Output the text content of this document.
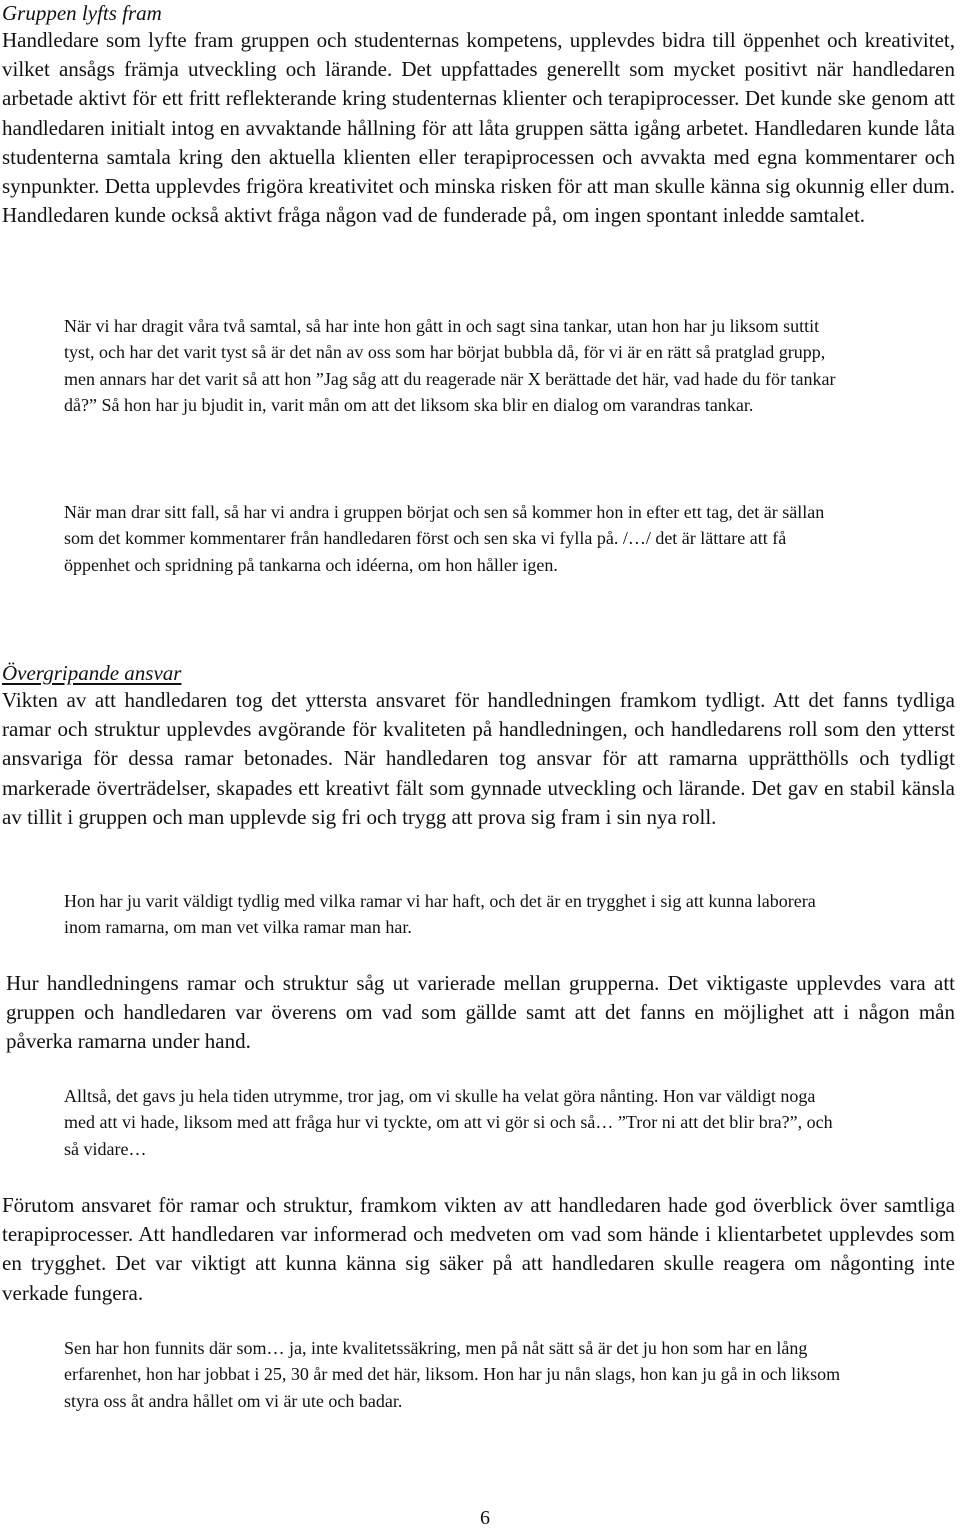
Gruppen lyfts fram

Handledare som lyfte fram gruppen och studenternas kompetens, upplevdes bidra till öppenhet och kreativitet, vilket ansågs främja utveckling och lärande. Det uppfattades generellt som mycket positivt när handledaren arbetade aktivt för ett fritt reflekterande kring studenternas klienter och terapiprocesser. Det kunde ske genom att handledaren initialt intog en avvaktande hållning för att låta gruppen sätta igång arbetet. Handledaren kunde låta studenterna samtala kring den aktuella klienten eller terapiprocessen och avvakta med egna kommentarer och synpunkter. Detta upplevdes frigöra kreativitet och minska risken för att man skulle känna sig okunnig eller dum. Handledaren kunde också aktivt fråga någon vad de funderade på, om ingen spontant inledde samtalet.

När vi har dragit våra två samtal, så har inte hon gått in och sagt sina tankar, utan hon har ju liksom suttit tyst, och har det varit tyst så är det nån av oss som har börjat bubbla då, för vi är en rätt så pratglad grupp, men annars har det varit så att hon ”Jag såg att du reagerade när X berättade det här, vad hade du för tankar då?” Så hon har ju bjudit in, varit mån om att det liksom ska blir en dialog om varandras tankar.

När man drar sitt fall, så har vi andra i gruppen börjat och sen så kommer hon in efter ett tag, det är sällan som det kommer kommentarer från handledaren först och sen ska vi fylla på. /…/ det är lättare att få öppenhet och spridning på tankarna och idéerna, om hon håller igen.

Övergripande ansvar

Vikten av att handledaren tog det yttersta ansvaret för handledningen framkom tydligt. Att det fanns tydliga ramar och struktur upplevdes avgörande för kvaliteten på handledningen, och handledarens roll som den ytterst ansvariga för dessa ramar betonades. När handledaren tog ansvar för att ramarna upprätthölls och tydligt markerade överträdelser, skapades ett kreativt fält som gynnade utveckling och lärande. Det gav en stabil känsla av tillit i gruppen och man upplevde sig fri och trygg att prova sig fram i sin nya roll.

Hon har ju varit väldigt tydlig med vilka ramar vi har haft, och det är en trygghet i sig att kunna laborera inom ramarna, om man vet vilka ramar man har.

Hur handledningens ramar och struktur såg ut varierade mellan grupperna. Det viktigaste upplevdes vara att gruppen och handledaren var överens om vad som gällde samt att det fanns en möjlighet att i någon mån påverka ramarna under hand.

Alltså, det gavs ju hela tiden utrymme, tror jag, om vi skulle ha velat göra nånting. Hon var väldigt noga med att vi hade, liksom med att fråga hur vi tyckte, om att vi gör si och så… ”Tror ni att det blir bra?”, och så vidare…

Förutom ansvaret för ramar och struktur, framkom vikten av att handledaren hade god överblick över samtliga terapiprocesser. Att handledaren var informerad och medveten om vad som hände i klientarbetet upplevdes som en trygghet. Det var viktigt att kunna känna sig säker på att handledaren skulle reagera om någonting inte verkade fungera.

Sen har hon funnits där som… ja, inte kvalitetssäkring, men på nåt sätt så är det ju hon som har en lång erfarenhet, hon har jobbat i 25, 30 år med det här, liksom. Hon har ju nån slags, hon kan ju gå in och liksom styra oss åt andra hållet om vi är ute och badar.

6
